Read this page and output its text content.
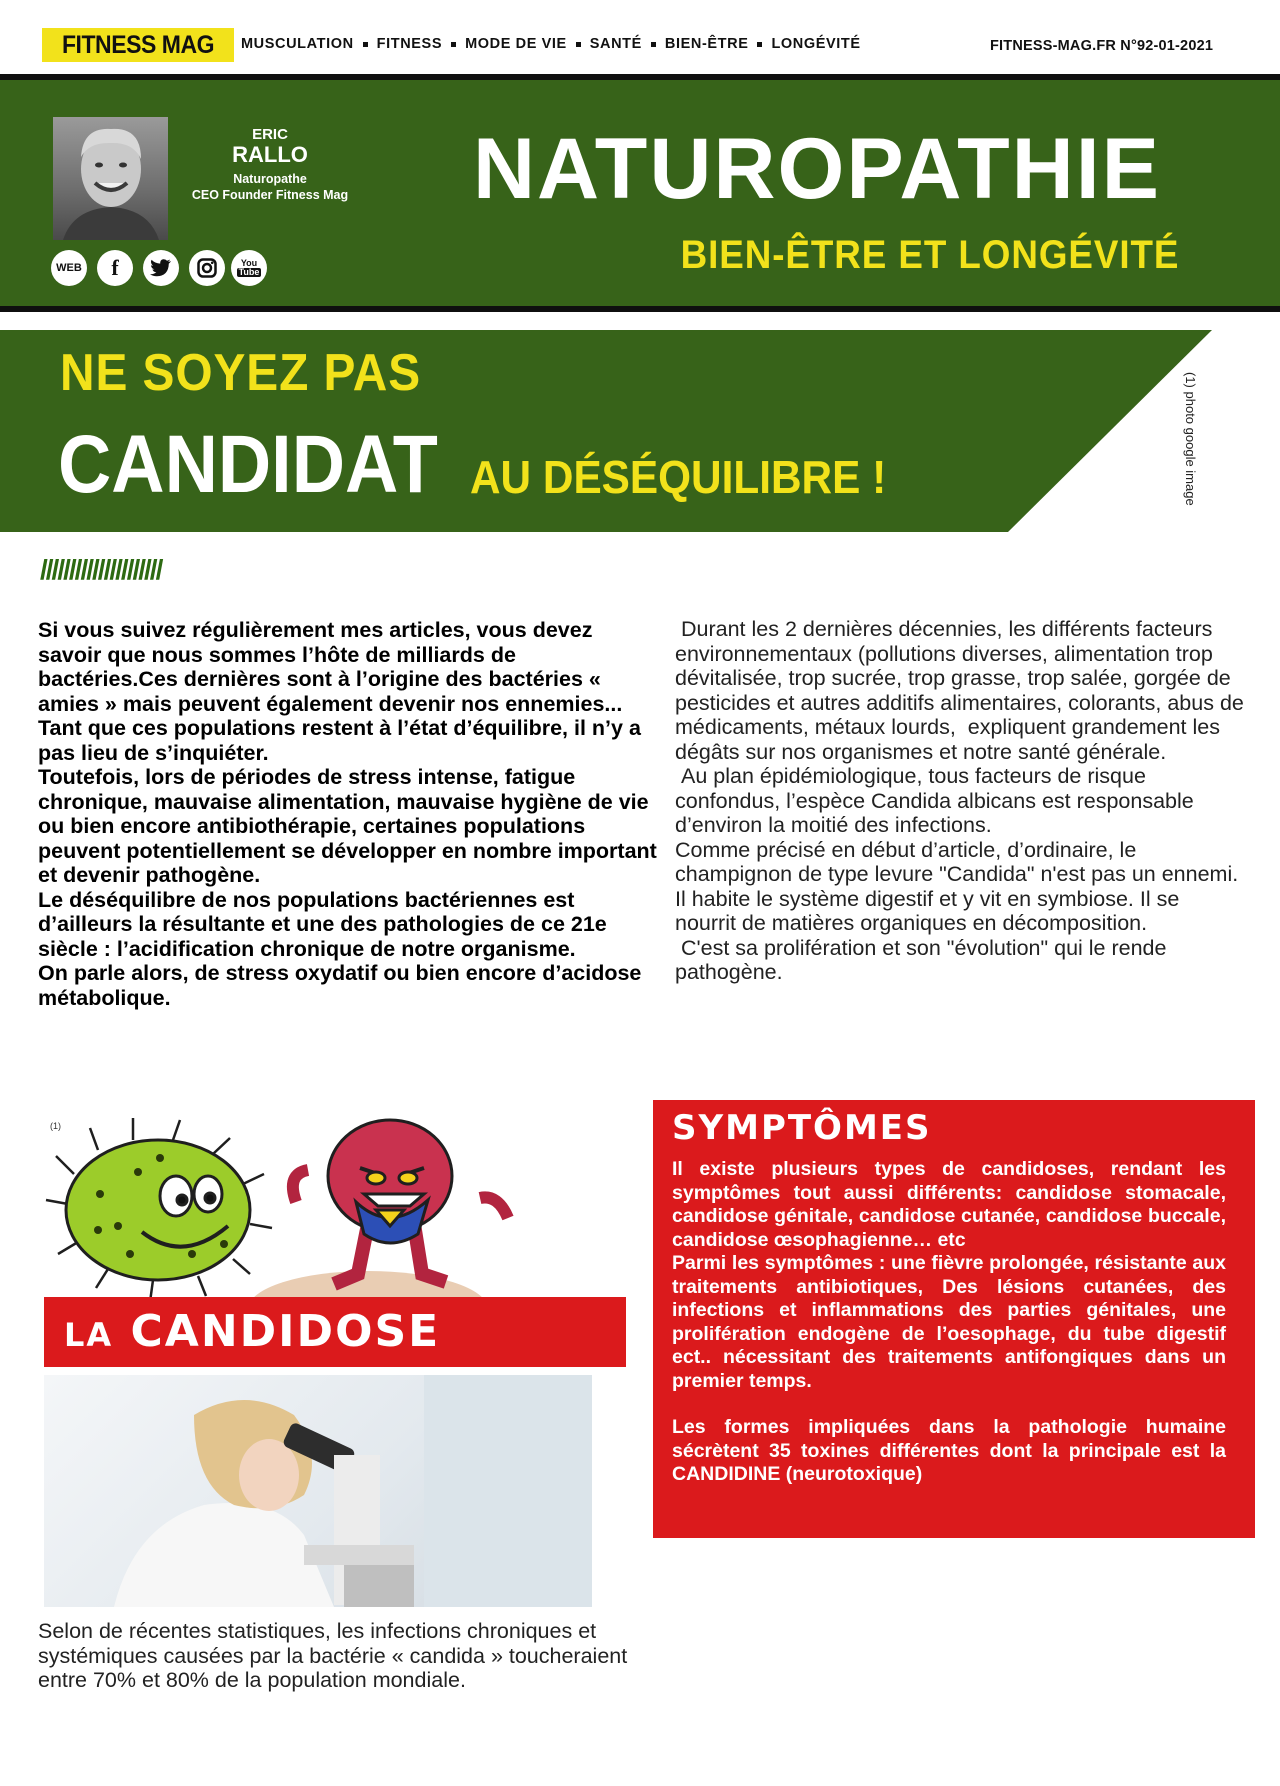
FITNESS MAG	MUSCULATION FITNESS MODE DE VIE SANTÉ BIEN-ÊTRE LONGÉVITÉ	FITNESS-MAG.FR N°92-01-2021
ERIC
RALLO
Naturopathe
CEO Founder Fitness Mag
WEB	f	You
Tube
NATUROPATHIE
BIEN-ÊTRE ET LONGÉVITÉ
NE SOYEZ PAS
CANDIDAT AU DÉSÉQUILIBRE !	(1) photo google image
/////////////////////

Si vous suivez régulièrement mes articles, vous devez savoir que nous sommes l’hôte de milliards de bactéries.Ces dernières sont à l’origine des bactéries « amies » mais peuvent également devenir nos ennemies...

Tant que ces populations restent à l’état d’équilibre, il n’y a pas lieu de s’inquiéter.

Toutefois, lors de périodes de stress intense, fatigue chronique, mauvaise alimentation, mauvaise hygiène de vie ou bien encore antibiothérapie, certaines populations peuvent potentiellement se développer en nombre important et devenir pathogène.

Le déséquilibre de nos populations bactériennes est d’ailleurs la résultante et une des pathologies de ce 21e siècle : l’acidification chronique de notre organisme.

On parle alors, de stress oxydatif ou bien encore d’acidose métabolique.

Durant les 2 dernières décennies, les différents facteurs environnementaux (pollutions diverses, alimentation trop dévitalisée, trop sucrée, trop grasse, trop salée, gorgée de pesticides et autres additifs alimentaires, colorants, abus de médicaments, métaux lourds,  expliquent grandement les dégâts sur nos organismes et notre santé générale.

Au plan épidémiologique, tous facteurs de risque confondus, l’espèce Candida albicans est responsable d’environ la moitié des infections.

Comme précisé en début d’article, d’ordinaire, le champignon de type levure "Candida" n'est pas un ennemi. Il habite le système digestif et y vit en symbiose. Il se nourrit de matières organiques en décomposition.

C'est sa prolifération et son "évolution" qui le rende pathogène.

(1)
LA CANDIDOSE
Selon de récentes statistiques, les infections chroniques et systémiques causées par la bactérie « candida » toucheraient entre 70% et 80% de la population mondiale.
SYMPTÔMES

Il existe plusieurs types de candidoses, rendant les symptômes tout aussi différents: candidose stomacale, candidose génitale, candidose cutanée, candidose buccale, candidose œsophagienne… etc

Parmi les symptômes : une fièvre prolongée, résistante aux traitements antibiotiques, Des lésions cutanées, des infections et inflammations des parties génitales, une prolifération endogène de l’oesophage, du tube digestif ect.. nécessitant des traitements antifongiques dans un premier temps.

Les formes impliquées dans la pathologie humaine sécrètent 35 toxines différentes dont la principale est la CANDIDINE (neurotoxique)
